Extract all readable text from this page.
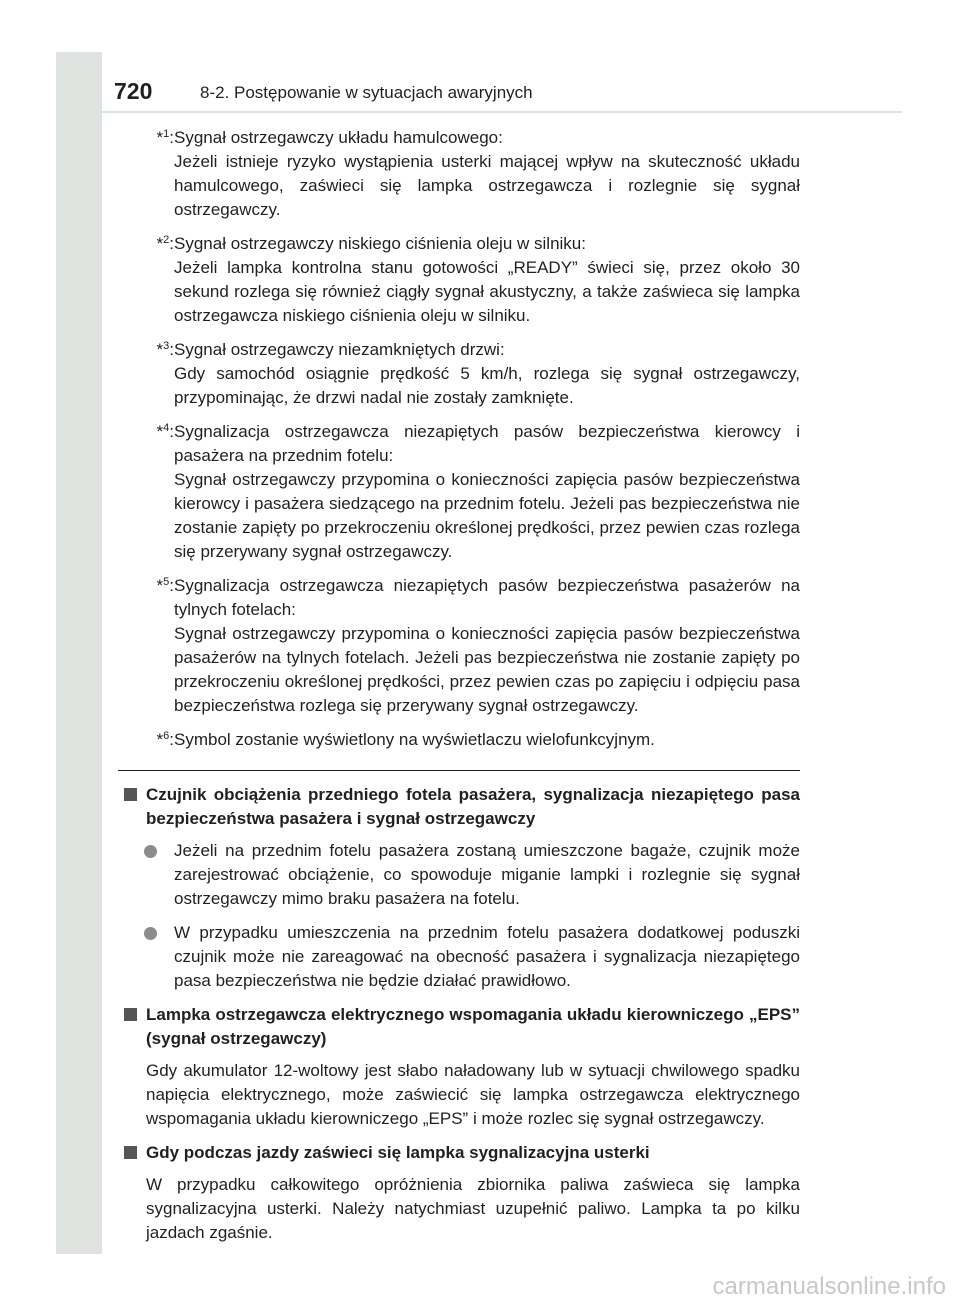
720	8-2. Postępowanie w sytuacjach awaryjnych
*$^1$: Sygnał ostrzegawczy układu hamulcowego:

Jeżeli istnieje ryzyko wystąpienia usterki mającej wpływ na skuteczność układu hamulcowego, zaświeci się lampka ostrzegawcza i rozlegnie się sygnał ostrzegawczy.

*$^2$: Sygnał ostrzegawczy niskiego ciśnienia oleju w silniku:

Jeżeli lampka kontrolna stanu gotowości „READY” świeci się, przez około 30 sekund rozlega się również ciągły sygnał akustyczny, a także zaświeca się lampka ostrzegawcza niskiego ciśnienia oleju w silniku.

*$^3$: Sygnał ostrzegawczy niezamkniętych drzwi:

Gdy samochód osiągnie prędkość 5 km/h, rozlega się sygnał ostrzegawczy, przypominając, że drzwi nadal nie zostały zamknięte.

*$^4$: Sygnalizacja ostrzegawcza niezapiętych pasów bezpieczeństwa kierowcy i pasażera na przednim fotelu:

Sygnał ostrzegawczy przypomina o konieczności zapięcia pasów bezpieczeństwa kierowcy i pasażera siedzącego na przednim fotelu. Jeżeli pas bezpieczeństwa nie zostanie zapięty po przekroczeniu określonej prędkości, przez pewien czas rozlega się przerywany sygnał ostrzegawczy.

*$^5$: Sygnalizacja ostrzegawcza niezapiętych pasów bezpieczeństwa pasażerów na tylnych fotelach:

Sygnał ostrzegawczy przypomina o konieczności zapięcia pasów bezpieczeństwa pasażerów na tylnych fotelach. Jeżeli pas bezpieczeństwa nie zostanie zapięty po przekroczeniu określonej prędkości, przez pewien czas po zapięciu i odpięciu pasa bezpieczeństwa rozlega się przerywany sygnał ostrzegawczy.

*$^6$: Symbol zostanie wyświetlony na wyświetlaczu wielofunkcyjnym.

Czujnik obciążenia przedniego fotela pasażera, sygnalizacja niezapiętego pasa bezpieczeństwa pasażera i sygnał ostrzegawczy
Jeżeli na przednim fotelu pasażera zostaną umieszczone bagaże, czujnik może zarejestrować obciążenie, co spowoduje miganie lampki i rozlegnie się sygnał ostrzegawczy mimo braku pasażera na fotelu.
W przypadku umieszczenia na przednim fotelu pasażera dodatkowej poduszki czujnik może nie zareagować na obecność pasażera i sygnalizacja niezapiętego pasa bezpieczeństwa nie będzie działać prawidłowo.
Lampka ostrzegawcza elektrycznego wspomagania układu kierowniczego „EPS” (sygnał ostrzegawczy)
Gdy akumulator 12-woltowy jest słabo naładowany lub w sytuacji chwilowego spadku napięcia elektrycznego, może zaświecić się lampka ostrzegawcza elektrycznego wspomagania układu kierowniczego „EPS” i może rozlec się sygnał ostrzegawczy.
Gdy podczas jazdy zaświeci się lampka sygnalizacyjna usterki
W przypadku całkowitego opróżnienia zbiornika paliwa zaświeca się lampka sygnalizacyjna usterki. Należy natychmiast uzupełnić paliwo. Lampka ta po kilku jazdach zgaśnie.
carmanualsonline.info
